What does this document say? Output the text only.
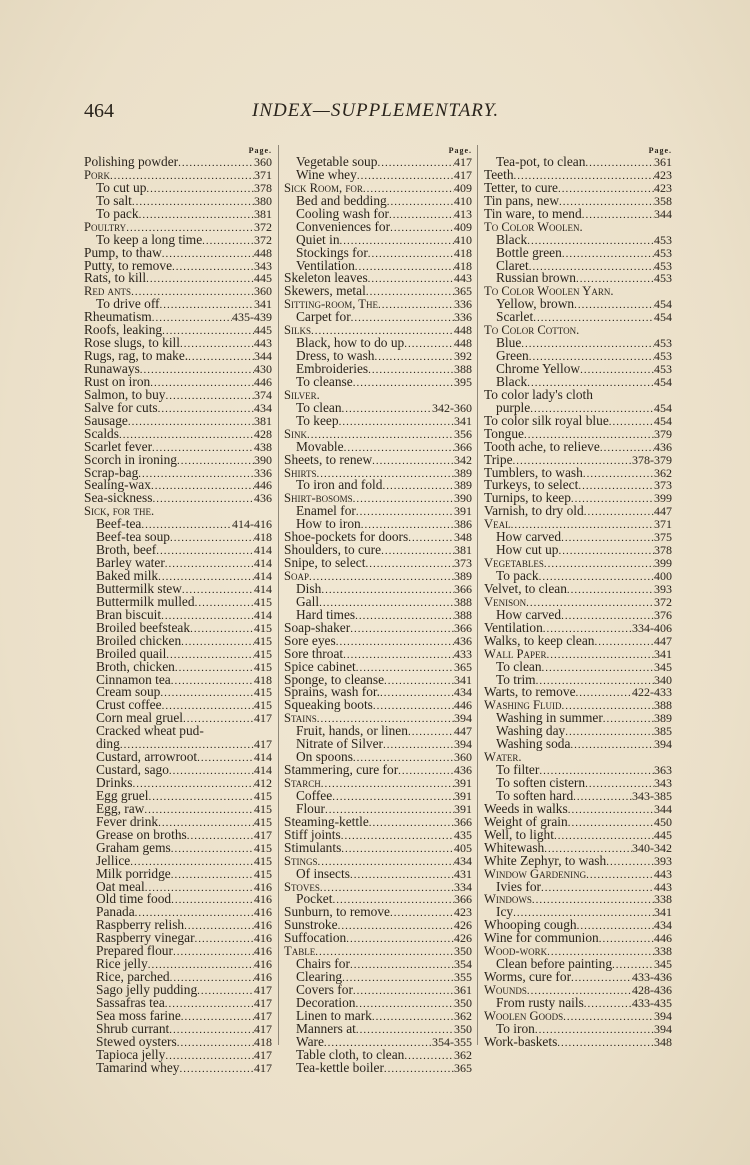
464	INDEX—SUPPLEMENTARY.
Page.
Polishing powder .....	360
Pork .....	371
To cut up .....	378
To salt .....	380
To pack .....	381
Poultry .....	372
To keep a long time .....	372
Pump, to thaw .....	448
Putty, to remove .....	343
Rats, to kill .....	445
Red ants .....	360
To drive off .....	341
Rheumatism .....	435-439
Roofs, leaking .....	445
Rose slugs, to kill .....	443
Rugs, rag, to make. .....	344
Runaways .....	430
Rust on iron .....	446
Salmon, to buy .....	374
Salve for cuts .....	434
Sausage .....	381
Scalds .....	428
Scarlet fever .....	438
Scorch in ironing .....	390
Scrap-bag .....	336
Sealing-wax .....	446
Sea-sickness .....	436
Sick, for the.
Beef-tea .....	414-416
Beef-tea soup .....	418
Broth, beef .....	414
Barley water .....	414
Baked milk .....	414
Buttermilk stew .....	414
Buttermilk mulled .....	415
Bran biscuit .....	414
Broiled beefsteak .....	415
Broiled chicken .....	415
Broiled quail .....	415
Broth, chicken .....	415
Cinnamon tea .....	418
Cream soup .....	415
Crust coffee .....	415
Corn meal gruel .....	417
Cracked wheat pud-
ding .....	417
Custard, arrowroot .....	414
Custard, sago .....	414
Drinks .....	412
Egg gruel .....	415
Egg, raw .....	415
Fever drink .....	415
Grease on broths .....	417
Graham gems .....	415
Jellice .....	415
Milk porridge .....	415
Oat meal .....	416
Old time food .....	416
Panada .....	416
Raspberry relish .....	416
Raspberry vinegar .....	416
Prepared flour .....	416
Rice jelly .....	416
Rice, parched .....	416
Sago jelly pudding .....	417
Sassafras tea .....	417
Sea moss farine .....	417
Shrub currant .....	417
Stewed oysters .....	418
Tapioca jelly .....	417
Tamarind whey .....	417
Page.
Vegetable soup .....	417
Wine whey .....	417
Sick Room, for .....	409
Bed and bedding .....	410
Cooling wash for .....	413
Conveniences for .....	409
Quiet in .....	410
Stockings for .....	418
Ventilation .....	418
Skeleton leaves .....	443
Skewers, metal .....	365
Sitting-room, The .....	336
Carpet for .....	336
Silks .....	448
Black, how to do up .....	448
Dress, to wash .....	392
Embroideries .....	388
To cleanse .....	395
Silver.
To clean .....	342-360
To keep .....	341
Sink .....	356
Movable .....	366
Sheets, to renew .....	342
Shirts .....	389
To iron and fold .....	389
Shirt-bosoms .....	390
Enamel for .....	391
How to iron .....	386
Shoe-pockets for doors .....	348
Shoulders, to cure .....	381
Snipe, to select .....	373
Soap .....	389
Dish .....	366
Gall .....	388
Hard times .....	388
Soap-shaker .....	366
Sore eyes .....	436
Sore throat .....	433
Spice cabinet .....	365
Sponge, to cleanse .....	341
Sprains, wash for. .....	434
Squeaking boots .....	446
Stains .....	394
Fruit, hands, or linen .....	447
Nitrate of Silver .....	394
On spoons .....	360
Stammering, cure for .....	436
Starch .....	391
Coffee .....	391
Flour .....	391
Steaming-kettle .....	366
Stiff joints .....	435
Stimulants .....	405
Stings .....	434
Of insects .....	431
Stoves .....	334
Pocket .....	366
Sunburn, to remove .....	423
Sunstroke .....	426
Suffocation .....	426
Table .....	350
Chairs for .....	354
Clearing .....	355
Covers for .....	361
Decoration .....	350
Linen to mark .....	362
Manners at .....	350
Ware .....	354-355
Table cloth, to clean .....	362
Tea-kettle boiler .....	365
Page.
Tea-pot, to clean .....	361
Teeth .....	423
Tetter, to cure .....	423
Tin pans, new .....	358
Tin ware, to mend .....	344
To Color Woolen.
Black .....	453
Bottle green .....	453
Claret .....	453
Russian brown .....	453
To Color Woolen Yarn.
Yellow, brown .....	454
Scarlet .....	454
To Color Cotton.
Blue .....	453
Green .....	453
Chrome Yellow .....	453
Black .....	454
To color lady's cloth
purple .....	454
To color silk royal blue .....	454
Tongue .....	379
Tooth ache, to relieve .....	436
Tripe .....	378-379
Tumblers, to wash .....	362
Turkeys, to select .....	373
Turnips, to keep .....	399
Varnish, to dry old .....	447
Veal .....	371
How carved .....	375
How cut up .....	378
Vegetables .....	399
To pack .....	400
Velvet, to clean .....	393
Venison .....	372
How carved .....	376
Ventilation .....	334-406
Walks, to keep clean .....	447
Wall Paper .....	341
To clean .....	345
To trim .....	340
Warts, to remove .....	422-433
Washing Fluid .....	388
Washing in summer .....	389
Washing day .....	385
Washing soda .....	394
Water.
To filter .....	363
To soften cistern .....	343
To soften hard .....	343-385
Weeds in walks .....	344
Weight of grain .....	450
Well, to light .....	445
Whitewash .....	340-342
White Zephyr, to wash .....	393
Window Gardening .....	443
Ivies for .....	443
Windows .....	338
Icy .....	341
Whooping cough .....	434
Wine for communion .....	446
Wood-work .....	338
Clean before painting .....	345
Worms, cure for .....	433-436
Wounds .....	428-436
From rusty nails .....	433-435
Woolen Goods .....	394
To iron .....	394
Work-baskets .....	348
